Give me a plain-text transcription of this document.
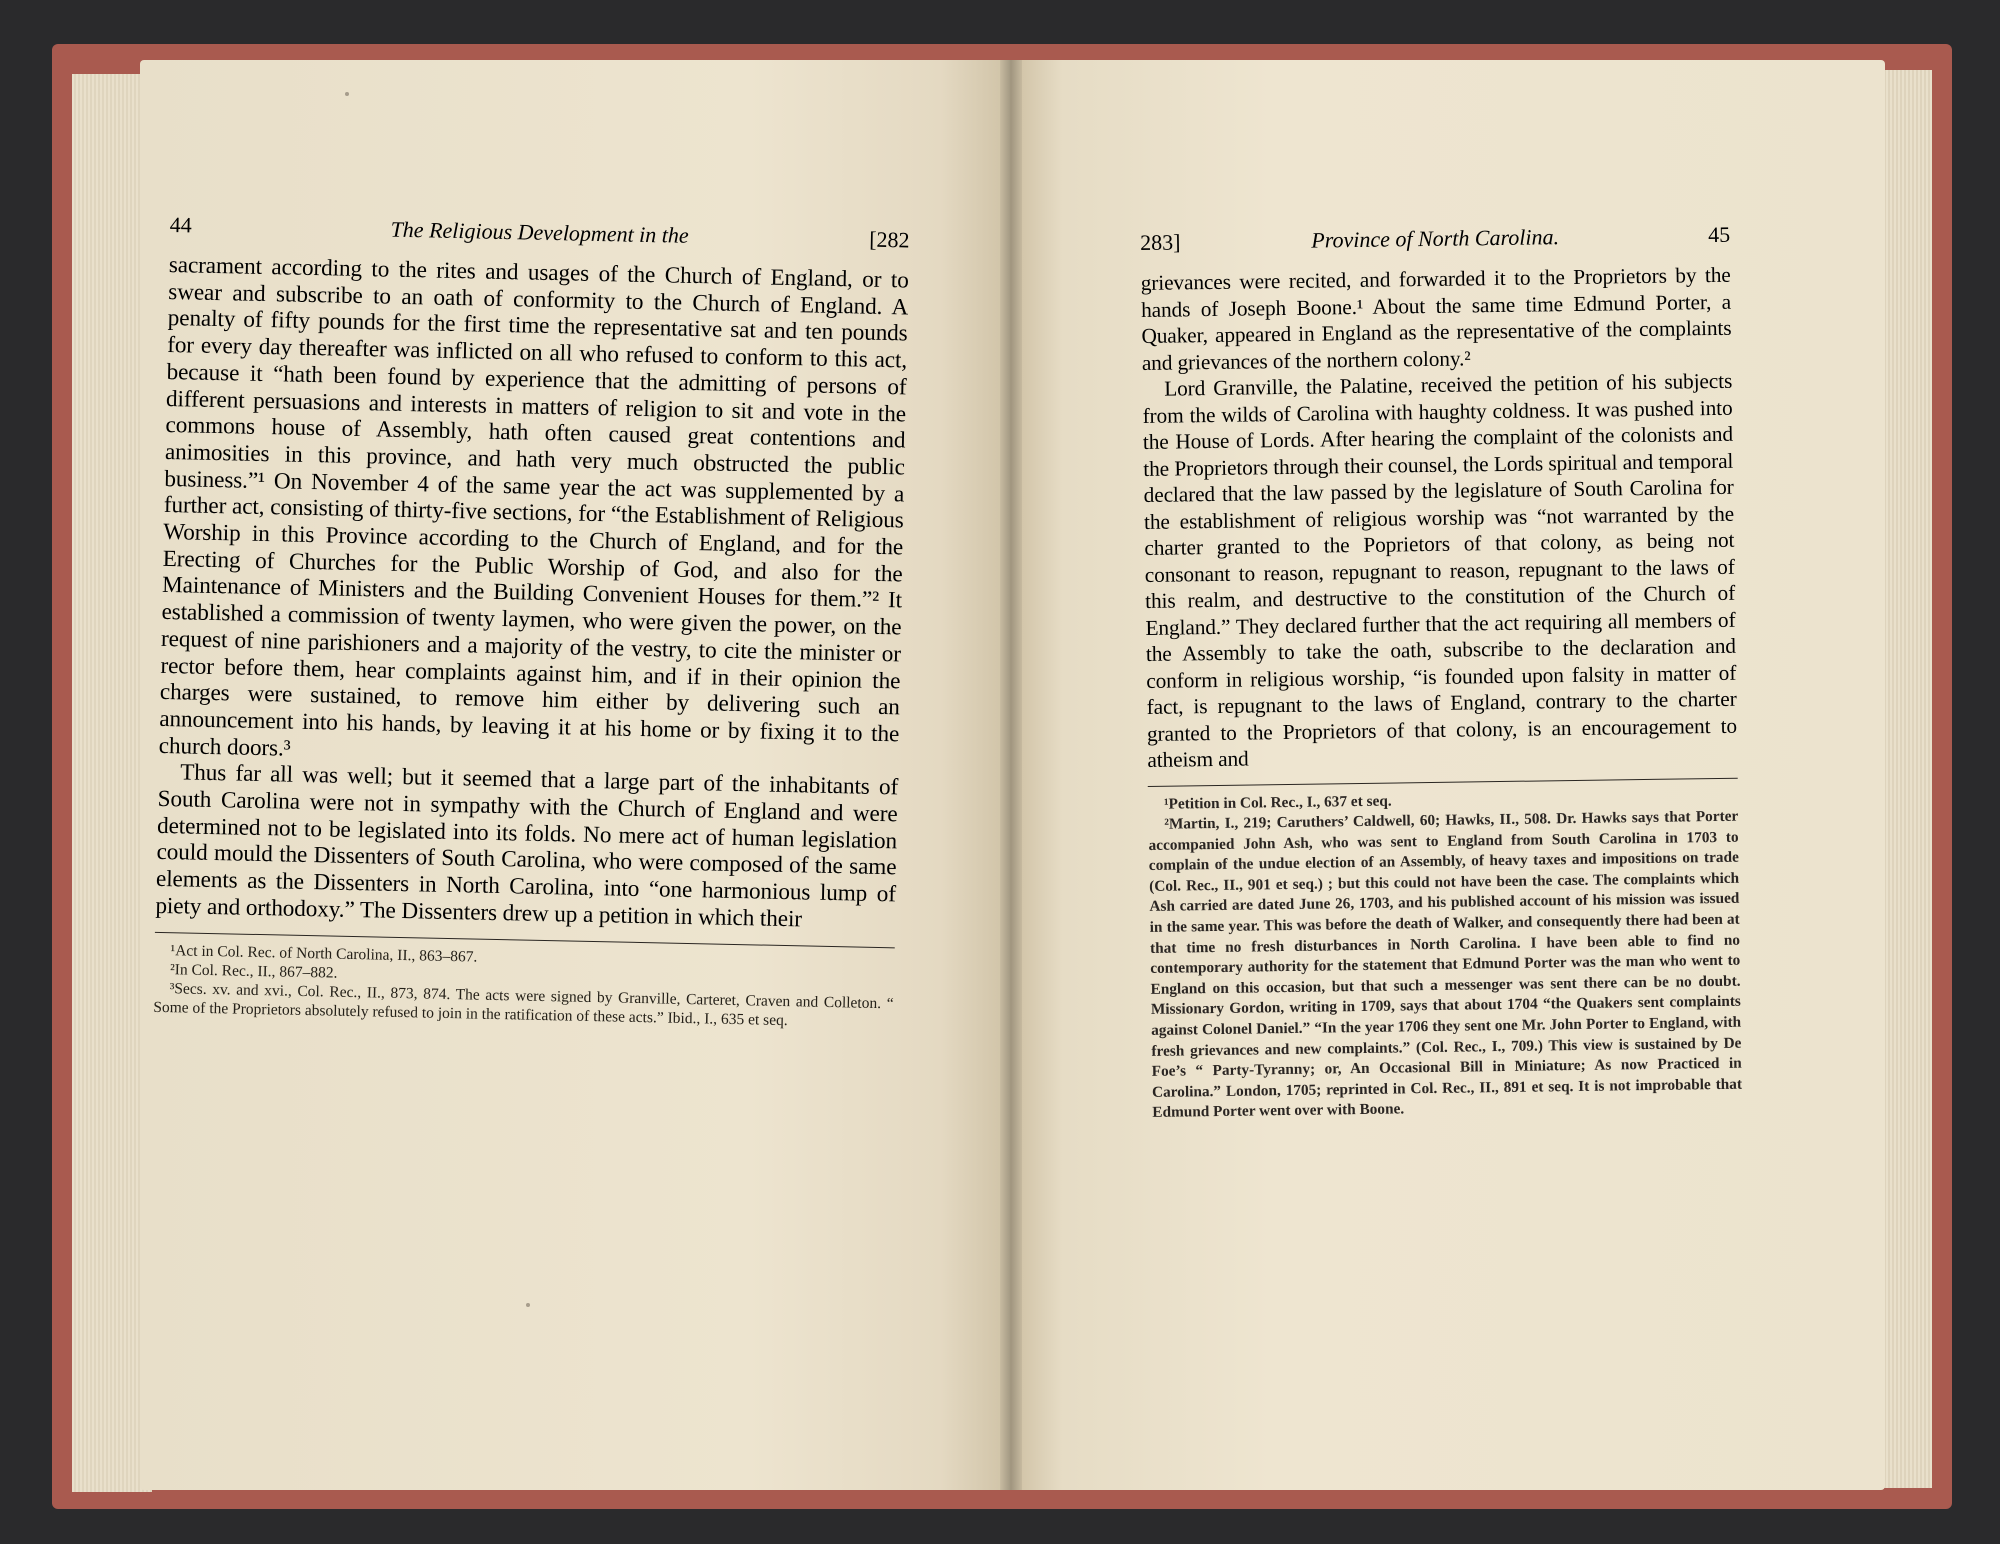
44	The Religious Development in the	[282

sacrament according to the rites and usages of the Church of England, or to swear and subscribe to an oath of conformity to the Church of England. A penalty of fifty pounds for the first time the representative sat and ten pounds for every day thereafter was inflicted on all who refused to conform to this act, because it “hath been found by experience that the admitting of persons of different persuasions and interests in matters of religion to sit and vote in the commons house of Assembly, hath often caused great contentions and animosities in this province, and hath very much obstructed the public business.”¹ On November 4 of the same year the act was supplemented by a further act, consisting of thirty-five sections, for “the Establishment of Religious Worship in this Province according to the Church of England, and for the Erecting of Churches for the Public Worship of God, and also for the Maintenance of Ministers and the Building Convenient Houses for them.”² It established a commission of twenty laymen, who were given the power, on the request of nine parishioners and a majority of the vestry, to cite the minister or rector before them, hear complaints against him, and if in their opinion the charges were sustained, to remove him either by delivering such an announcement into his hands, by leaving it at his home or by fixing it to the church doors.³

Thus far all was well; but it seemed that a large part of the inhabitants of South Carolina were not in sympathy with the Church of England and were determined not to be legislated into its folds. No mere act of human legislation could mould the Dissenters of South Carolina, who were composed of the same elements as the Dissenters in North Carolina, into “one harmonious lump of piety and orthodoxy.” The Dissenters drew up a petition in which their

¹Act in Col. Rec. of North Carolina, II., 863–867.

²In Col. Rec., II., 867–882.

³Secs. xv. and xvi., Col. Rec., II., 873, 874. The acts were signed by Granville, Carteret, Craven and Colleton. “ Some of the Proprietors absolutely refused to join in the ratification of these acts.” Ibid., I., 635 et seq.

283]	Province of North Carolina.	45

grievances were recited, and forwarded it to the Proprietors by the hands of Joseph Boone.¹ About the same time Edmund Porter, a Quaker, appeared in England as the representative of the complaints and grievances of the northern colony.²

Lord Granville, the Palatine, received the petition of his subjects from the wilds of Carolina with haughty coldness. It was pushed into the House of Lords. After hearing the complaint of the colonists and the Proprietors through their counsel, the Lords spiritual and temporal declared that the law passed by the legislature of South Carolina for the establishment of religious worship was “not warranted by the charter granted to the Poprietors of that colony, as being not consonant to reason, repugnant to reason, repugnant to the laws of this realm, and destructive to the constitution of the Church of England.” They declared further that the act requiring all members of the Assembly to take the oath, subscribe to the declaration and conform in religious worship, “is founded upon falsity in matter of fact, is repugnant to the laws of England, contrary to the charter granted to the Proprietors of that colony, is an encouragement to atheism and

¹Petition in Col. Rec., I., 637 et seq.

²Martin, I., 219; Caruthers’ Caldwell, 60; Hawks, II., 508. Dr. Hawks says that Porter accompanied John Ash, who was sent to England from South Carolina in 1703 to complain of the undue election of an Assembly, of heavy taxes and impositions on trade (Col. Rec., II., 901 et seq.) ; but this could not have been the case. The complaints which Ash carried are dated June 26, 1703, and his published account of his mission was issued in the same year. This was before the death of Walker, and consequently there had been at that time no fresh disturbances in North Carolina. I have been able to find no contemporary authority for the statement that Edmund Porter was the man who went to England on this occasion, but that such a messenger was sent there can be no doubt. Missionary Gordon, writing in 1709, says that about 1704 “the Quakers sent complaints against Colonel Daniel.” “In the year 1706 they sent one Mr. John Porter to England, with fresh grievances and new complaints.” (Col. Rec., I., 709.) This view is sustained by De Foe’s “ Party-Tyranny; or, An Occasional Bill in Miniature; As now Practiced in Carolina.” London, 1705; reprinted in Col. Rec., II., 891 et seq. It is not improbable that Edmund Porter went over with Boone.
